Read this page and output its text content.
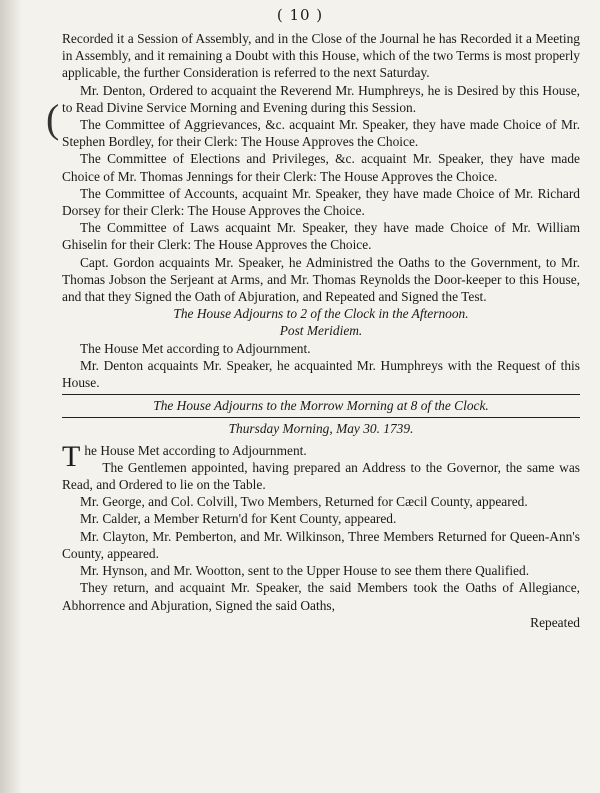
( 10 )
(

Recorded it a Session of Assembly, and in the Close of the Journal he has Recorded it a Meeting in Assembly, and it remaining a Doubt with this House, which of the two Terms is most properly applicable, the further Consideration is referred to the next Saturday.

Mr. Denton, Ordered to acquaint the Reverend Mr. Humphreys, he is Desired by this House, to Read Divine Service Morning and Evening during this Session.

The Committee of Aggrievances, &c. acquaint Mr. Speaker, they have made Choice of Mr. Stephen Bordley, for their Clerk: The House Approves the Choice.

The Committee of Elections and Privileges, &c. acquaint Mr. Speaker, they have made Choice of Mr. Thomas Jennings for their Clerk: The House Approves the Choice.

The Committee of Accounts, acquaint Mr. Speaker, they have made Choice of Mr. Richard Dorsey for their Clerk: The House Approves the Choice.

The Committee of Laws acquaint Mr. Speaker, they have made Choice of Mr. William Ghiselin for their Clerk: The House Approves the Choice.

Capt. Gordon acquaints Mr. Speaker, he Administred the Oaths to the Government, to Mr. Thomas Jobson the Serjeant at Arms, and Mr. Thomas Reynolds the Door-keeper to this House, and that they Signed the Oath of Abjuration, and Repeated and Signed the Test.

The House Adjourns to 2 of the Clock in the Afternoon.

Post Meridiem.

The House Met according to Adjournment.

Mr. Denton acquaints Mr. Speaker, he acquainted Mr. Humphreys with the Request of this House.

The House Adjourns to the Morrow Morning at 8 of the Clock.

Thursday Morning, May 30. 1739.

T he House Met according to Adjournment.

The Gentlemen appointed, having prepared an Address to the Governor, the same was Read, and Ordered to lie on the Table.

Mr. George, and Col. Colvill, Two Members, Returned for Cæcil County, appeared.

Mr. Calder, a Member Return'd for Kent County, appeared.

Mr. Clayton, Mr. Pemberton, and Mr. Wilkinson, Three Members Returned for Queen-Ann's County, appeared.

Mr. Hynson, and Mr. Wootton, sent to the Upper House to see them there Qualified.

They return, and acquaint Mr. Speaker, the said Members took the Oaths of Allegiance, Abhorrence and Abjuration, Signed the said Oaths,

Repeated
